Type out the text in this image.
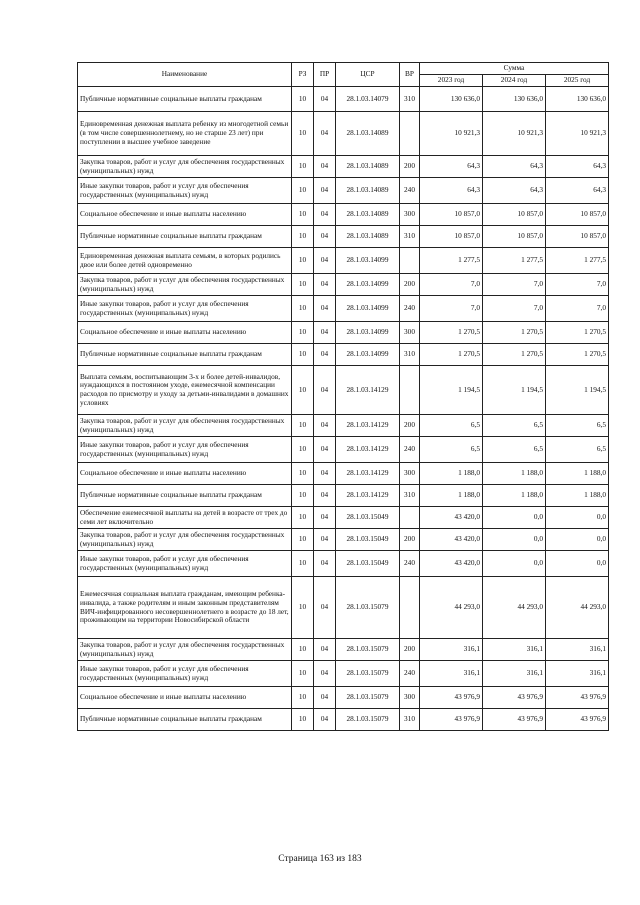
Наименование	РЗ	ПР	ЦСР	ВР	Сумма		
					2023 год	2024 год	2025 год
Публичные нормативные социальные выплаты гражданам	10	04	28.1.03.14079	310	130 636,0	130 636,0	130 636,0
Единовременная денежная выплата ребенку из многодетной семьи (в том числе совершеннолетнему, но не старше 23 лет) при поступлении в высшее учебное заведение	10	04	28.1.03.14089		10 921,3	10 921,3	10 921,3
Закупка товаров, работ и услуг для обеспечения государственных (муниципальных) нужд	10	04	28.1.03.14089	200	64,3	64,3	64,3
Иные закупки товаров, работ и услуг для обеспечения государственных (муниципальных) нужд	10	04	28.1.03.14089	240	64,3	64,3	64,3
Социальное обеспечение и иные выплаты населению	10	04	28.1.03.14089	300	10 857,0	10 857,0	10 857,0
Публичные нормативные социальные выплаты гражданам	10	04	28.1.03.14089	310	10 857,0	10 857,0	10 857,0
Единовременная денежная выплата семьям, в которых родились двое или более детей одновременно	10	04	28.1.03.14099		1 277,5	1 277,5	1 277,5
Закупка товаров, работ и услуг для обеспечения государственных (муниципальных) нужд	10	04	28.1.03.14099	200	7,0	7,0	7,0
Иные закупки товаров, работ и услуг для обеспечения государственных (муниципальных) нужд	10	04	28.1.03.14099	240	7,0	7,0	7,0
Социальное обеспечение и иные выплаты населению	10	04	28.1.03.14099	300	1 270,5	1 270,5	1 270,5
Публичные нормативные социальные выплаты гражданам	10	04	28.1.03.14099	310	1 270,5	1 270,5	1 270,5
Выплата семьям, воспитывающим 3-х и более детей-инвалидов, нуждающихся в постоянном уходе, ежемесячной компенсации расходов по присмотру и уходу за детьми-инвалидами в домашних условиях	10	04	28.1.03.14129		1 194,5	1 194,5	1 194,5
Закупка товаров, работ и услуг для обеспечения государственных (муниципальных) нужд	10	04	28.1.03.14129	200	6,5	6,5	6,5
Иные закупки товаров, работ и услуг для обеспечения государственных (муниципальных) нужд	10	04	28.1.03.14129	240	6,5	6,5	6,5
Социальное обеспечение и иные выплаты населению	10	04	28.1.03.14129	300	1 188,0	1 188,0	1 188,0
Публичные нормативные социальные выплаты гражданам	10	04	28.1.03.14129	310	1 188,0	1 188,0	1 188,0
Обеспечение ежемесячной выплаты на детей в возрасте от трех до семи лет включительно	10	04	28.1.03.15049		43 420,0	0,0	0,0
Закупка товаров, работ и услуг для обеспечения государственных (муниципальных) нужд	10	04	28.1.03.15049	200	43 420,0	0,0	0,0
Иные закупки товаров, работ и услуг для обеспечения государственных (муниципальных) нужд	10	04	28.1.03.15049	240	43 420,0	0,0	0,0
Ежемесячная социальная выплата гражданам, имеющим ребенка-инвалида, а также родителям и иным законным представителям ВИЧ-инфицированного несовершеннолетнего в возрасте до 18 лет, проживающим на территории Новосибирской области	10	04	28.1.03.15079		44 293,0	44 293,0	44 293,0
Закупка товаров, работ и услуг для обеспечения государственных (муниципальных) нужд	10	04	28.1.03.15079	200	316,1	316,1	316,1
Иные закупки товаров, работ и услуг для обеспечения государственных (муниципальных) нужд	10	04	28.1.03.15079	240	316,1	316,1	316,1
Социальное обеспечение и иные выплаты населению	10	04	28.1.03.15079	300	43 976,9	43 976,9	43 976,9
Публичные нормативные социальные выплаты гражданам	10	04	28.1.03.15079	310	43 976,9	43 976,9	43 976,9
Страница 163 из 183
